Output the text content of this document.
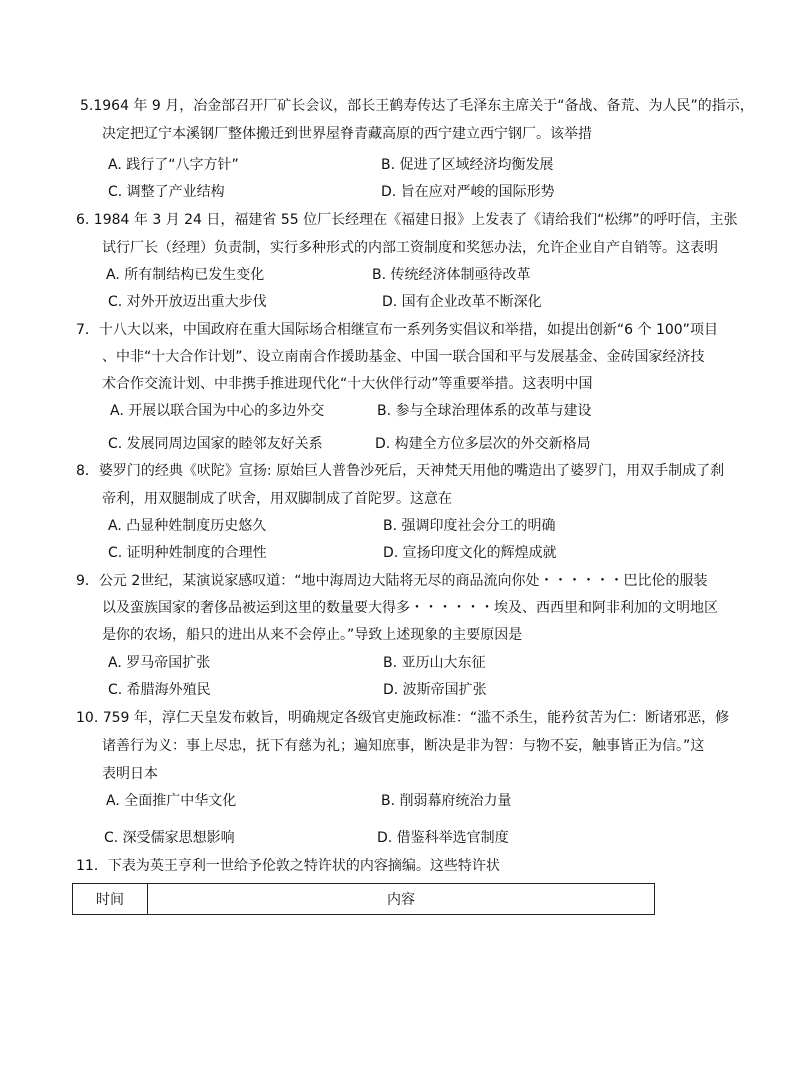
5.1964 年 9 月，冶金部召开厂矿长会议，部长王鹤寿传达了毛泽东主席关于“备战、备荒、为人民”的指示，
决定把辽宁本溪钢厂整体搬迁到世界屋脊青藏高原的西宁建立西宁钢厂。该举措
A. 践行了“八字方针”	B. 促进了区域经济均衡发展
C. 调整了产业结构	D. 旨在应对严峻的国际形势
6. 1984 年 3 月 24 日，福建省 55 位厂长经理在《福建日报》上发表了《请给我们“松绑”的呼吁信，主张
试行厂长（经理）负责制，实行多种形式的内部工资制度和奖惩办法，允许企业自产自销等。这表明
A. 所有制结构已发生变化	B. 传统经济体制亟待改革
C. 对外开放迈出重大步伐	D. 国有企业改革不断深化
7．十八大以来，中国政府在重大国际场合相继宣布一系列务实倡议和举措，如提出创新“6 个 100”项目
、中非“十大合作计划”、设立南南合作援助基金、中国一联合国和平与发展基金、金砖国家经济技
术合作交流计划、中非携手推进现代化“十大伙伴行动”等重要举措。这表明中国
A. 开展以联合国为中心的多边外交	B. 参与全球治理体系的改革与建设
C. 发展同周边国家的睦邻友好关系	D. 构建全方位多层次的外交新格局
8．婆罗门的经典《吠陀》宣扬: 原始巨人普鲁沙死后，天神梵天用他的嘴造出了婆罗门，用双手制成了刹
帝利，用双腿制成了吠舍，用双脚制成了首陀罗。这意在
A. 凸显种姓制度历史悠久	B. 强调印度社会分工的明确
C. 证明种姓制度的合理性	D. 宣扬印度文化的辉煌成就
9．公元 2世纪，某演说家感叹道：“地中海周边大陆将无尽的商品流向你处・・・・・・巴比伦的服装
以及蛮族国家的奢侈品被运到这里的数量要大得多・・・・・・埃及、西西里和阿非利加的文明地区
是你的农场，船只的进出从来不会停止。”导致上述现象的主要原因是
A. 罗马帝国扩张	B. 亚历山大东征
C. 希腊海外殖民	D. 波斯帝国扩张
10. 759 年，淳仁天皇发布敕旨，明确规定各级官吏施政标准：“滥不杀生，能矜贫苦为仁：断诸邪恶，修
诸善行为义：事上尽忠，抚下有慈为礼；遍知庶事，断决是非为智：与物不妄，触事皆正为信。”这
表明日本
A. 全面推广中华文化	B. 削弱幕府统治力量
C. 深受儒家思想影响	D. 借鉴科举选官制度
11．下表为英王亨利一世给予伦敦之特许状的内容摘编。这些特许状
时间	内容
